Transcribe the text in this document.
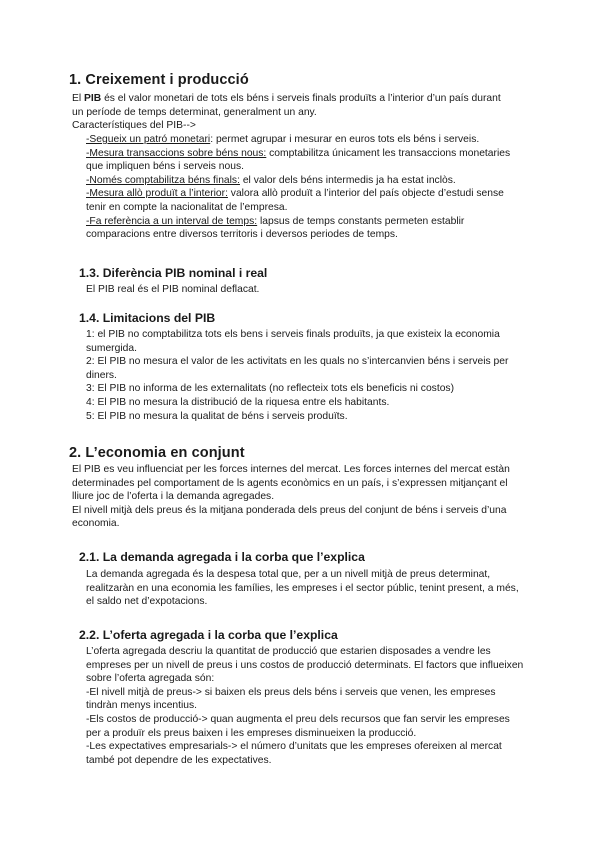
1. Creixement i producció

El PIB és el valor monetari de tots els béns i serveis finals produïts a l’interior d’un país durant un període de temps determinat, generalment un any.

Característiques del PIB-->

-Segueix un patró monetari: permet agrupar i mesurar en euros tots els béns i serveis.

-Mesura transaccions sobre béns nous: comptabilitza únicament les transaccions monetaries que impliquen béns i serveis nous.

-Només comptabilitza béns finals: el valor dels béns intermedis ja ha estat inclòs.

-Mesura allò produït a l’interior: valora allò produït a l’interior del país objecte d’estudi sense tenir en compte la nacionalitat de l’empresa.

-Fa referència a un interval de temps: lapsus de temps constants permeten establir comparacions entre diversos territoris i deversos periodes de temps.

1.3. Diferència PIB nominal i real

El PIB real és el PIB nominal deflacat.

1.4. Limitacions del PIB

1: el PIB no comptabilitza tots els bens i serveis finals produïts, ja que existeix la economia sumergida.

2: El PIB no mesura el valor de les activitats en les quals no s’intercanvien béns i serveis per diners.

3: El PIB no informa de les externalitats (no reflecteix tots els beneficis ni costos)

4: El PIB no mesura la distribució de la riquesa entre els habitants.

5: El PIB no mesura la qualitat de béns i serveis produïts.

2. L’economia en conjunt

El PIB es veu influenciat per les forces internes del mercat. Les forces internes del mercat estàn determinades pel comportament de ls agents econòmics en un país, i s’expressen mitjançant el lliure joc de l’oferta i la demanda agregades.

El nivell mitjà dels preus és la mitjana ponderada dels preus del conjunt de béns i serveis d’una economia.

2.1. La demanda agregada i la corba que l’explica

La demanda agregada és la despesa total que, per a un nivell mitjà de preus determinat, realitzaràn en una economia les famílies, les empreses i el sector públic, tenint present, a més, el saldo net d’expotacions.

2.2. L’oferta agregada i la corba que l’explica

L’oferta agregada descriu la quantitat de producció que estarien disposades a vendre les empreses per un nivell de preus i uns costos de producció determinats. El factors que influeixen sobre l’oferta agregada són:

-El nivell mitjà de preus-> si baixen els preus dels béns i serveis que venen, les empreses tindràn menys incentius.

-Els costos de producció-> quan augmenta el preu dels recursos que fan servir les empreses per a produïr els preus baixen i les empreses disminueixen la producció.

-Les expectatives empresarials-> el número d’unitats que les empreses ofereixen al mercat també pot dependre de les expectatives.
